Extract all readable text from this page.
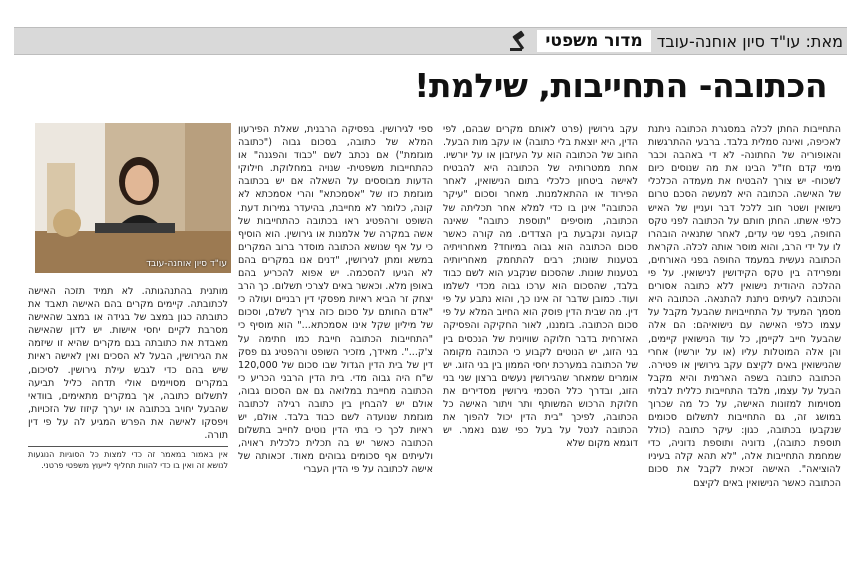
מדור משפטי מאת: עו"ד סיון אוחנה-עובד
הכתובה- התחייבות, שילמת!
התחייבות החתן לכלה במסגרת הכתובה ניתנת לאכיפה, ואינה סמלית בלבד. ברבעי ההתרגשות והאופוריה של החתונה- לא די באהבה וכבר מימי קדם חז"ל הבינו את מה שנוסים כיום לשכוח- יש צורך להבטיח את מעמדה הכלכלי של האישה. הכתובה היא למעשה הסכם טרום נישואין ושטר חוב ללכל דבר ועניין של האיש כלפי אשתו. החתן חותם על הכתובה לפני טקס החופה, בפני שני עדים, לאחר שתנאיה הובהרו לו על ידי הרב, והוא מוסר אותה לכלה. הקראת הכתובה נעשית במעמד החופה בפני האורחים, ומפרידה בין טקס הקידושין לנישואין. על פי ההלכה היהודית נישואין ללא כתובה אסורים והכתובה לעיתים ניתנת להתנאה. הכתובה היא מסמך המעיד על התחייבויות שהבעל מקבל על עצמו כלפי האישה עם נישואיהם: הם אלה שהבעל חייב לקיימן, כל עוד הנישואין קיימים, והן אלה המוטלות עליו (או על יורשיו) אחרי שהנישואין באים לקיצם עקב גירושין או פטירה. הכתובה כתובה בשפה הארמית והיא מקבל הבעל על עצמו, מלבד התחייבות כללית לבלתי מסוימות למזונות האישה, על כל מה שכרוך במושג זה, גם התחייבות לתשלום סכומים שנקבעו בכתובה, כגון: עיקר כתובה (כולל תוספת כתובה), נדוניה ותוספת נדוניה, כדי שמחמת התחייבות אלה, "לא תהא קלה בעיניו להוציאה". האישה זכאית לקבל את סכום הכתובה כאשר הנישואין באים לקיצם
עקב גירושין (פרט לאותם מקרים שבהם, לפי הדין, היא יוצאת בלי כתובה) או עקב מות הבעל. החוב של הכתובה הוא על העיזבון או על יורשיו. אחת ממטרותיה של הכתובה היא להבטיח לאישה ביטחון כלכלי בתום הנישואין, לאחר הפירוד או ההתאלמנות. מאחר וסכום "עיקר הכתובה" אינן בו כדי למלא אחר תכליתה של הכתובה, מוסיפים "תוספת כתובה" שאינה קבועה ונקבעת בין הצדדים. מה קורה כאשר סכום הכתובה הוא גבוה במיוחד? מאחרויתיה בטענות שונות; רבים להתחמק מאחריותיה בטענות שונות. שהסכום שנקבע הוא לשם כבוד בלבד, שהסכום הוא ערכו גבוה מכדי לשלמו ועוד. כמובן שדבר זה אינו כך, והוא נתבע על פי דין. מה שבית הדין פוסק הוא החיוב המלא על פי סכום הכתובה. בזמננו, לאור החקיקה והפסיקה האזרחית בדבר חלוקה שוויונית של הנכסים בין בני הזוג, יש הנוטים לקבוע כי הכתובה מקומה של הכתובה במערכת יחסי הממון בין בני הזוג. יש אומרים שמאחר שהגירושין נעשים ברצון שני בני הזוג, ובדרך כלל הסכמי גירושין מסדירים את חלוקת הרכוש המשותף ותר ויתור האישה כל הכתובה, לפיכך "בית הדין יכול להפוך את הכתובה לנטל על בעל כפי שגם נאמר. יש דוגמא מקום שלא
ספי לגירושין. בפסיקה הרבנית, שאלת הפירעון המלא של כתובה, בסכום גבוה ("כתובה מוגזמת") אם נכתב לשם "כבוד והפגנה" או כהתחייבות משפטית- שנויה במחלוקת. חילוקי הדעות מבוססים על השאלה אם יש בכתובה מוגזמת כזו של "אסמכתא" והרי אסמכתא לא קונה, כלומר לא מחייבת, בהיעדר גמירות דעת. השופט ורהפטיג ראו בכתובה כהתחייבות של אשה במקרה של אלמנות או גירושין. הוא הוסיף כי על אף שנושא הכתובה מוסדר ברוב המקרים במשא ומתן לגירושין, "דנים אנו במקרים בהם לא הגיעו להסכמה. יש אפוא להכריע בהם באופן מלא. וכאשר באים לצרכי תשלום. כך הרב יצחק זר הביא ראיות מפסקי דין רבניים ועולה כי "אדם החותם על סכום כזה צריך לשלם, וסכום של מיליון שקל אינו אסמכתא..." הוא מוסיף כי "התחייבות הכתובה חייבת כמו חתימה על צ'ק...". מאידך, מזכיר השופט ורהפטיג גם פסק דין של בית הדין הגדול שבו סכום של 120,000 ש"ח היה גבוה מדי. בית הדין הרבני הכריע כי הכתובה מחייבת במלואה גם אם הסכום גבוה, אולם יש להבחין בין כתובה רגילה לכתובה מוגזמת שנועדה לשם כבוד בלבד. אולם, יש ראיות לכך כי בתי הדין נוטים לחייב בתשלום הכתובה כאשר יש בה תכלית כלכלית ראויה, ולעיתים אף סכומים גבוהים מאוד. זכאותה של אישה לכתובה על פי הדין העברי
עו"ד סיון אוחנה-עובד
מותנית בהתנהגותה. לא תמיד תזכה האישה לכתובתה. קיימים מקרים בהם האישה תאבד את כתובתה כגון במצב של בגידה או במצב שהאישה מסרבת לקיים יחסי אישות. יש לדון שהאישה מאבדת את כתובתה בגם מקרים שהיא זו שיזמה את הגירושין, הבעל לא הסכים ואין לאישה ראיות שיש בהם כדי לגבש עילת גירושין. לסיכום, במקרים מסויימים אולי תדחה כליל תביעה לתשלום כתובה, אך במקרים מתאימים, בוודאי שהבעל יחויב בכתובה או יערך קיזוז של הזכויות, ויפסקו לאישה את הפרש המגיע לה על פי דין תורה.
אין באמור במאמר זה כדי למצות כל הסוגיות הנוגעות לנושא זה ואין בו כדי להוות תחליף לייעוץ משפטי פרטני.
